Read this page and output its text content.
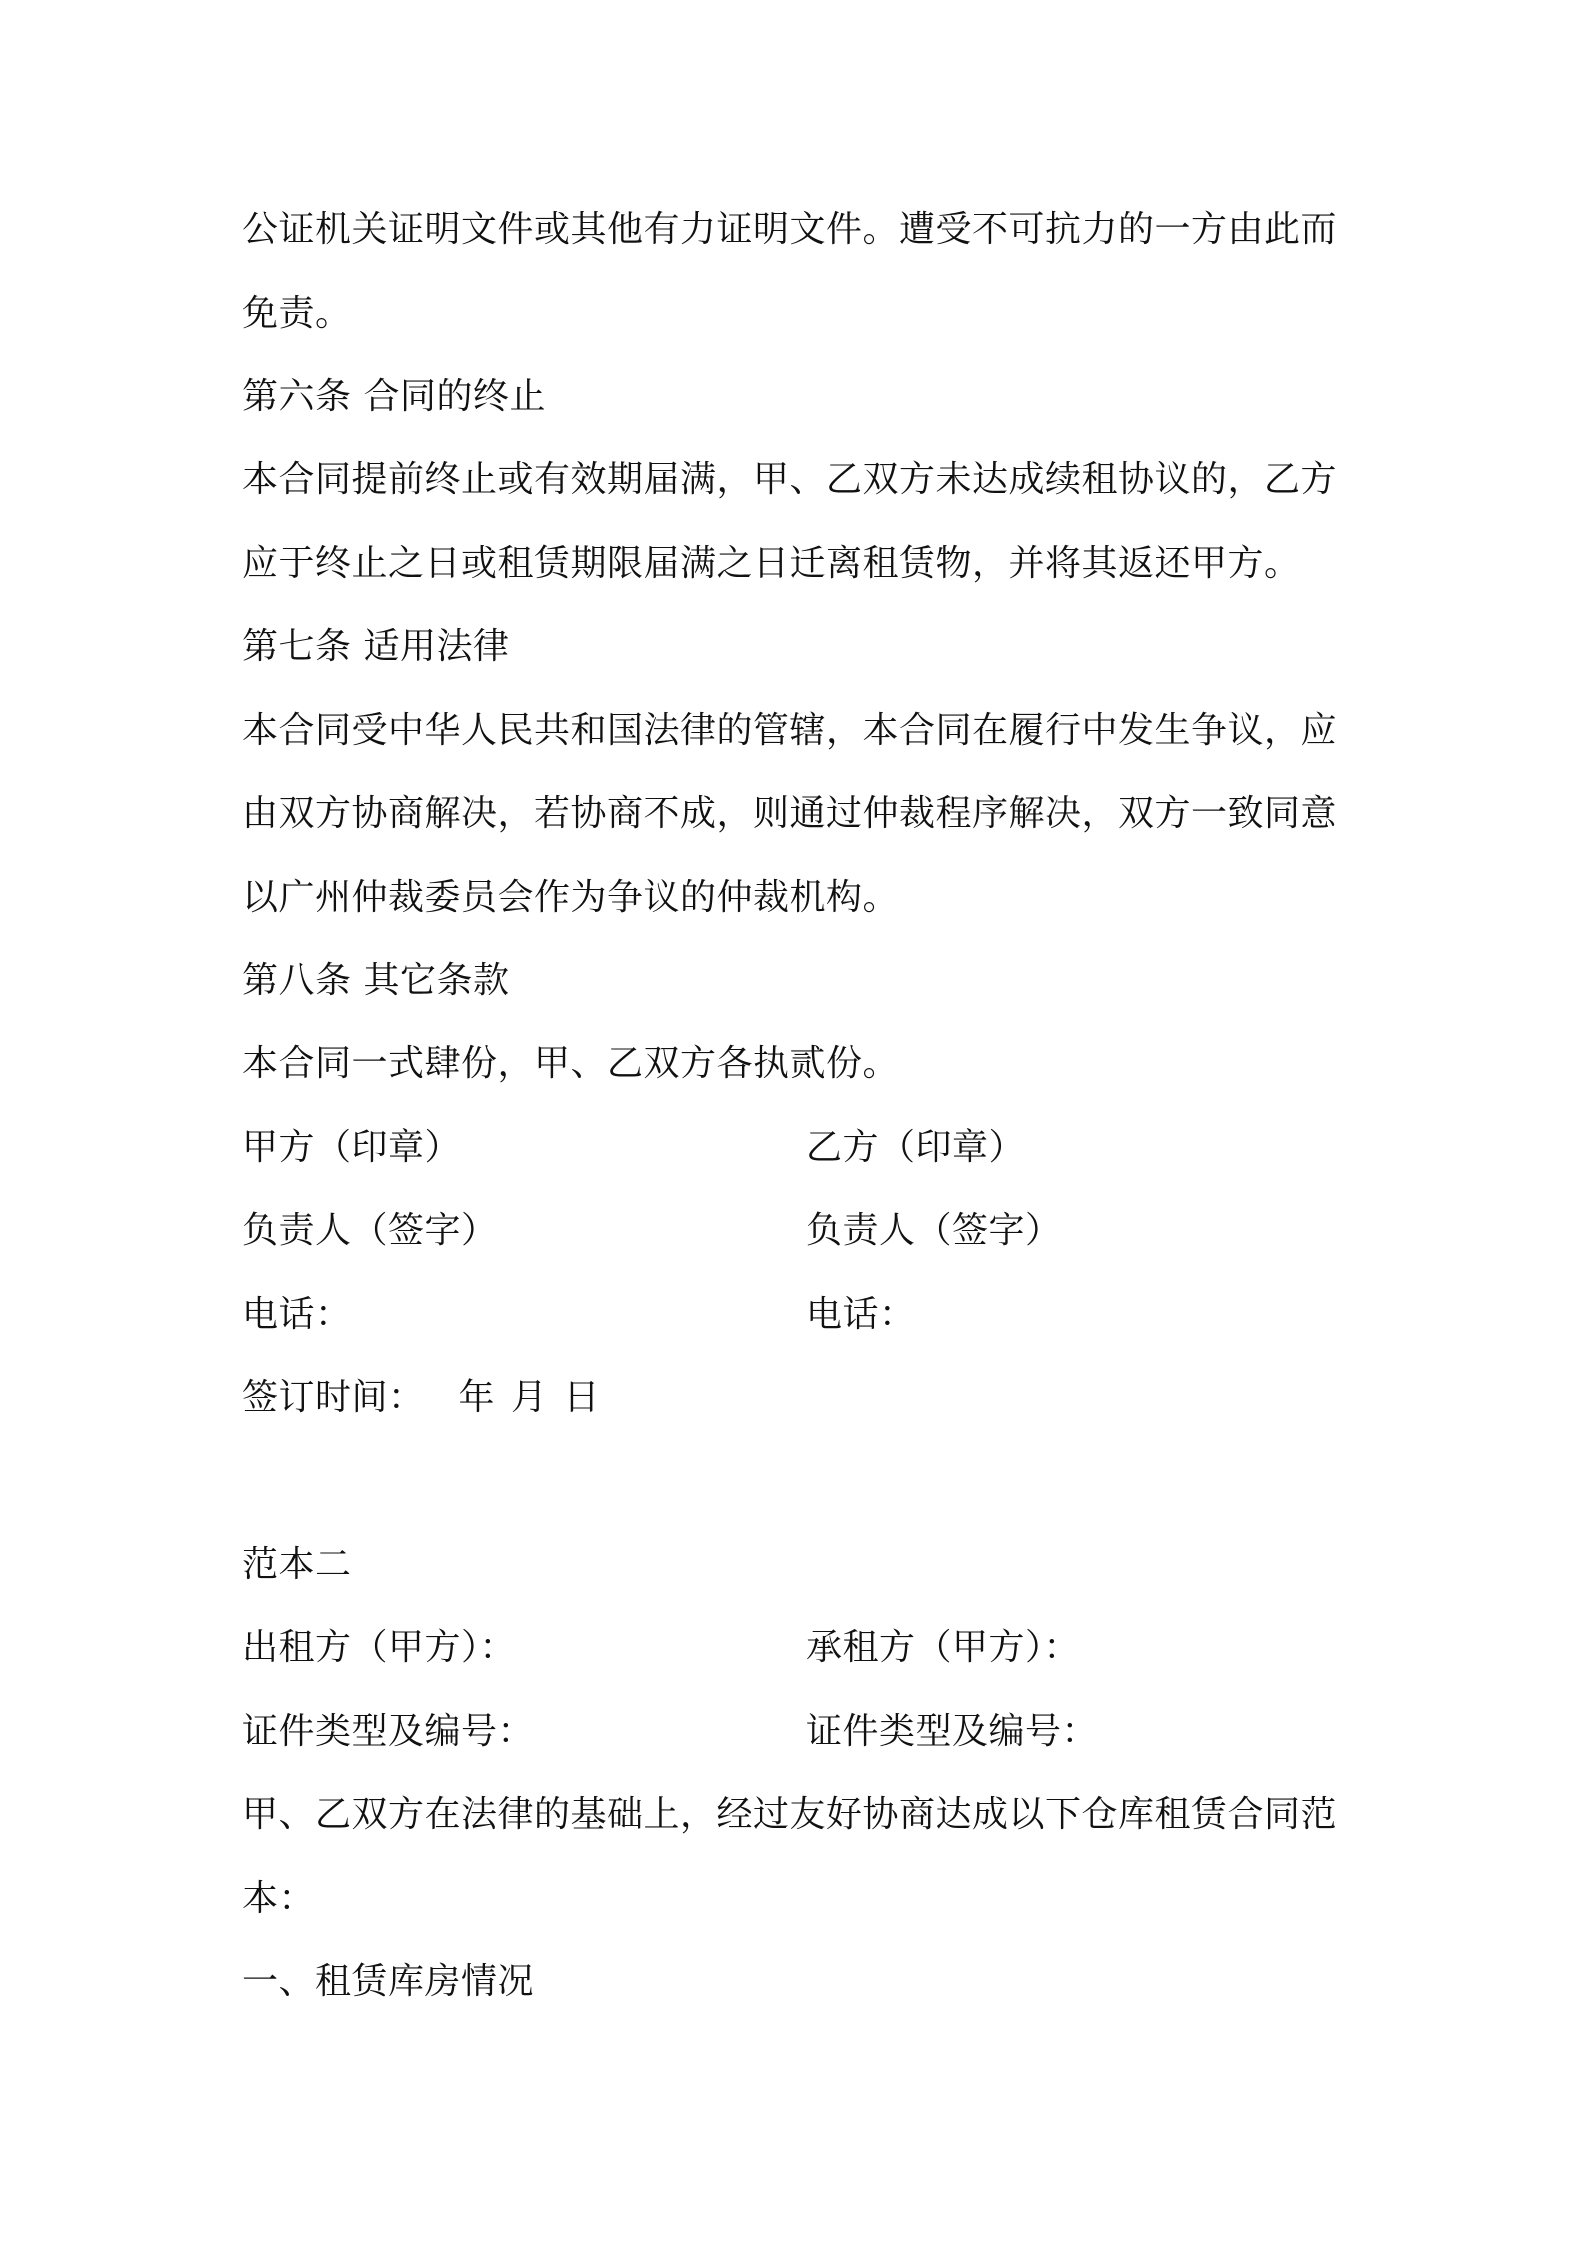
公证机关证明文件或其他有力证明文件。遭受不可抗力的一方由此而
免责。
第六条 合同的终止
本合同提前终止或有效期届满，甲、乙双方未达成续租协议的，乙方
应于终止之日或租赁期限届满之日迁离租赁物，并将其返还甲方。
第七条 适用法律
本合同受中华人民共和国法律的管辖，本合同在履行中发生争议，应
由双方协商解决，若协商不成，则通过仲裁程序解决，双方一致同意
以广州仲裁委员会作为争议的仲裁机构。
第八条 其它条款
本合同一式肆份，甲、乙双方各执贰份。
甲方（印章）	乙方（印章）
负责人（签字）	负责人（签字）
电话：	电话：
签订时间： 年 月 日
范本二
出租方（甲方）：	承租方（甲方）：
证件类型及编号：	证件类型及编号：
甲、乙双方在法律的基础上，经过友好协商达成以下仓库租赁合同范
本：
一、租赁库房情况
